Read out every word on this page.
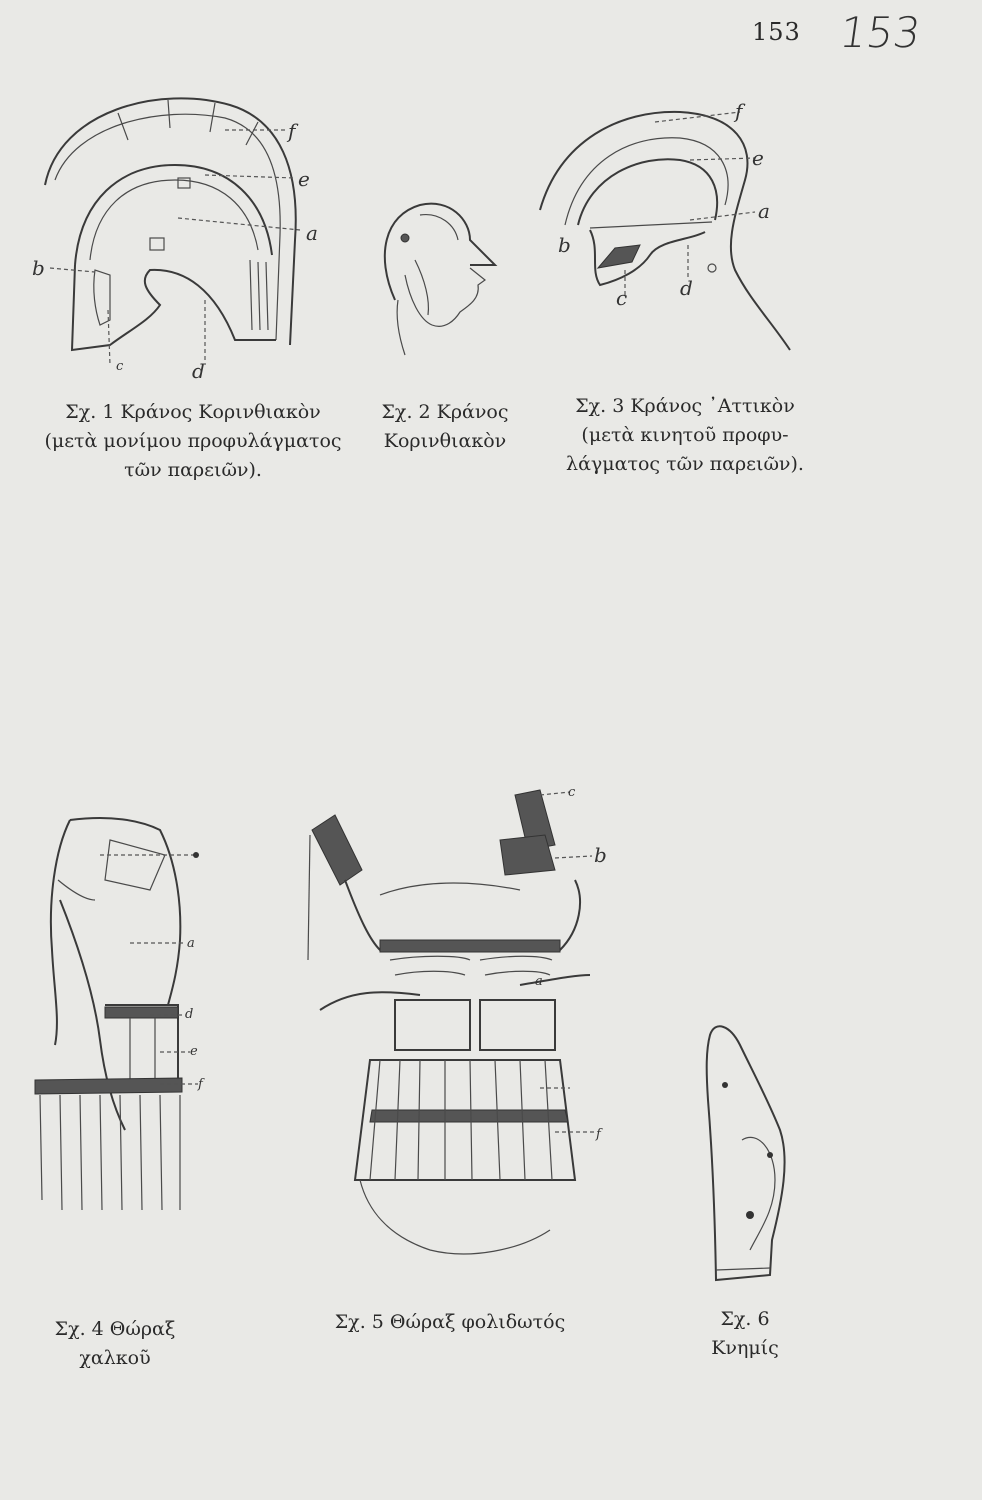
153 153
f
e
a
b
c	d
f
e
a
b
c	d
a
d
e
f
c
b
a
f
Σχ. 1 Κράνος Κορινθιακὸν
(μετὰ μονίμου προφυλάγματος
τῶν παρειῶν).
Σχ. 2 Κράνος
Κορινθιακὸν
Σχ. 3 Κράνος ᾿Αττικὸν
(μετὰ κινητοῦ προφυ-
λάγματος τῶν παρειῶν).
Σχ. 4 Θώραξ
χαλκοῦ
Σχ. 5 Θώραξ φολιδωτός	Σχ. 6
Κνημίς
